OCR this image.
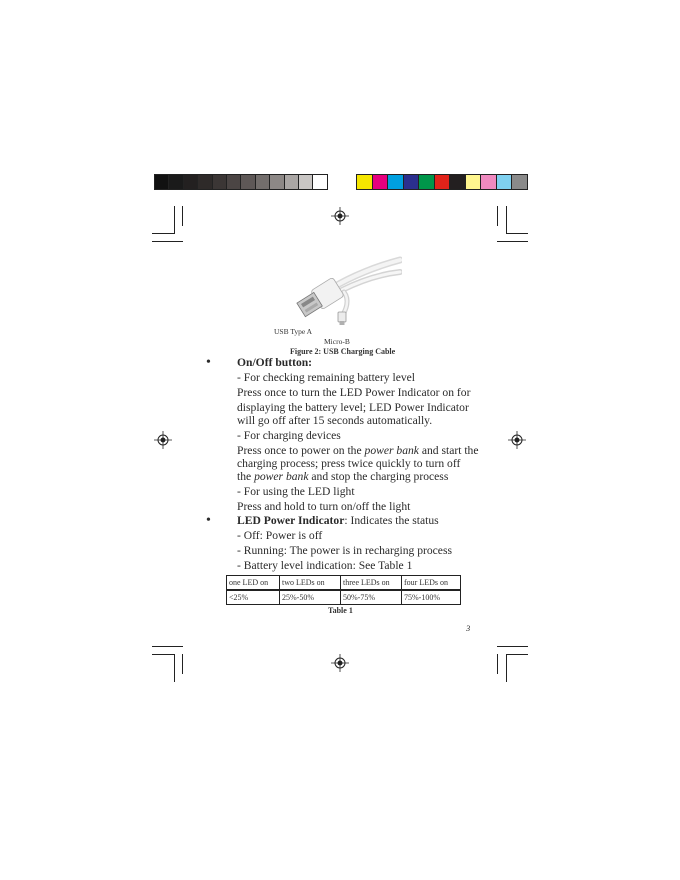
USB Type A
Micro-B
Figure 2: USB Charging Cable
• On/Off button:
- For checking remaining battery level
Press once to turn the LED Power Indicator on for
displaying the battery level; LED Power Indicator
will go off after 15 seconds automatically.
- For charging devices
Press once to power on the power bank and start the
charging process; press twice quickly to turn off
the power bank and stop the charging process
- For using the LED light
Press and hold to turn on/off the light
• LED Power Indicator: Indicates the status
- Off: Power is off
- Running: The power is in recharging process
- Battery level indication: See Table 1
one LED on	two LEDs on	three LEDs on	four LEDs on
<25%	25%-50%	50%-75%	75%-100%
Table 1
3
